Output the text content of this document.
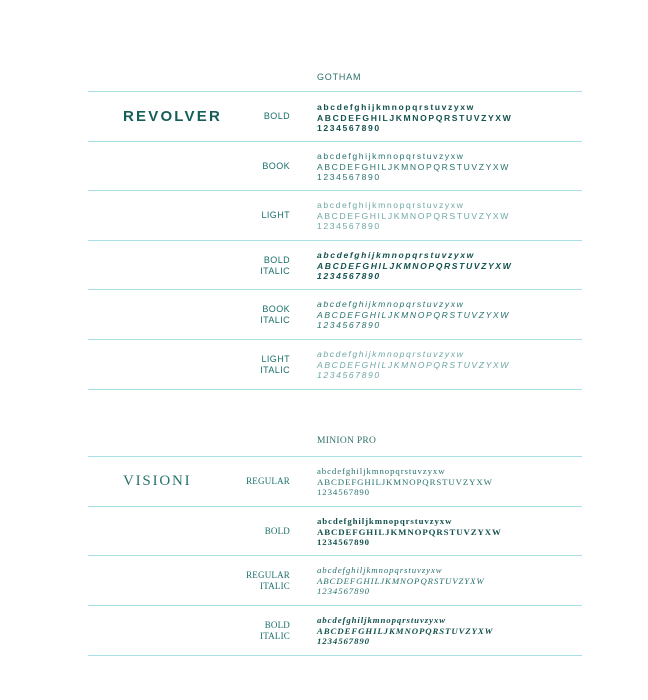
GOTHAM
REVOLVER	BOLD
abcdefghijkmnopqrstuvzyxw
ABCDEFGHILJKMNOPQRSTUVZYXW
1234567890
BOOK
abcdefghijkmnopqrstuvzyxw
ABCDEFGHILJKMNOPQRSTUVZYXW
1234567890
LIGHT
abcdefghijkmnopqrstuvzyxw
ABCDEFGHILJKMNOPQRSTUVZYXW
1234567890
BOLD
ITALIC
abcdefghijkmnopqrstuvzyxw
ABCDEFGHILJKMNOPQRSTUVZYXW
1234567890
BOOK
ITALIC
abcdefghijkmnopqrstuvzyxw
ABCDEFGHILJKMNOPQRSTUVZYXW
1234567890
LIGHT
ITALIC
abcdefghijkmnopqrstuvzyxw
ABCDEFGHILJKMNOPQRSTUVZYXW
1234567890
MINION PRO
VISIONI	REGULAR
abcdefghiljkmnopqrstuvzyxw
ABCDEFGHILJKMNOPQRSTUVZYXW
1234567890
BOLD
abcdefghiljkmnopqrstuvzyxw
ABCDEFGHILJKMNOPQRSTUVZYXW
1234567890
REGULAR
ITALIC
abcdefghiljkmnopqrstuvzyxw
ABCDEFGHILJKMNOPQRSTUVZYXW
1234567890
BOLD
ITALIC
abcdefghiljkmnopqrstuvzyxw
ABCDEFGHILJKMNOPQRSTUVZYXW
1234567890
